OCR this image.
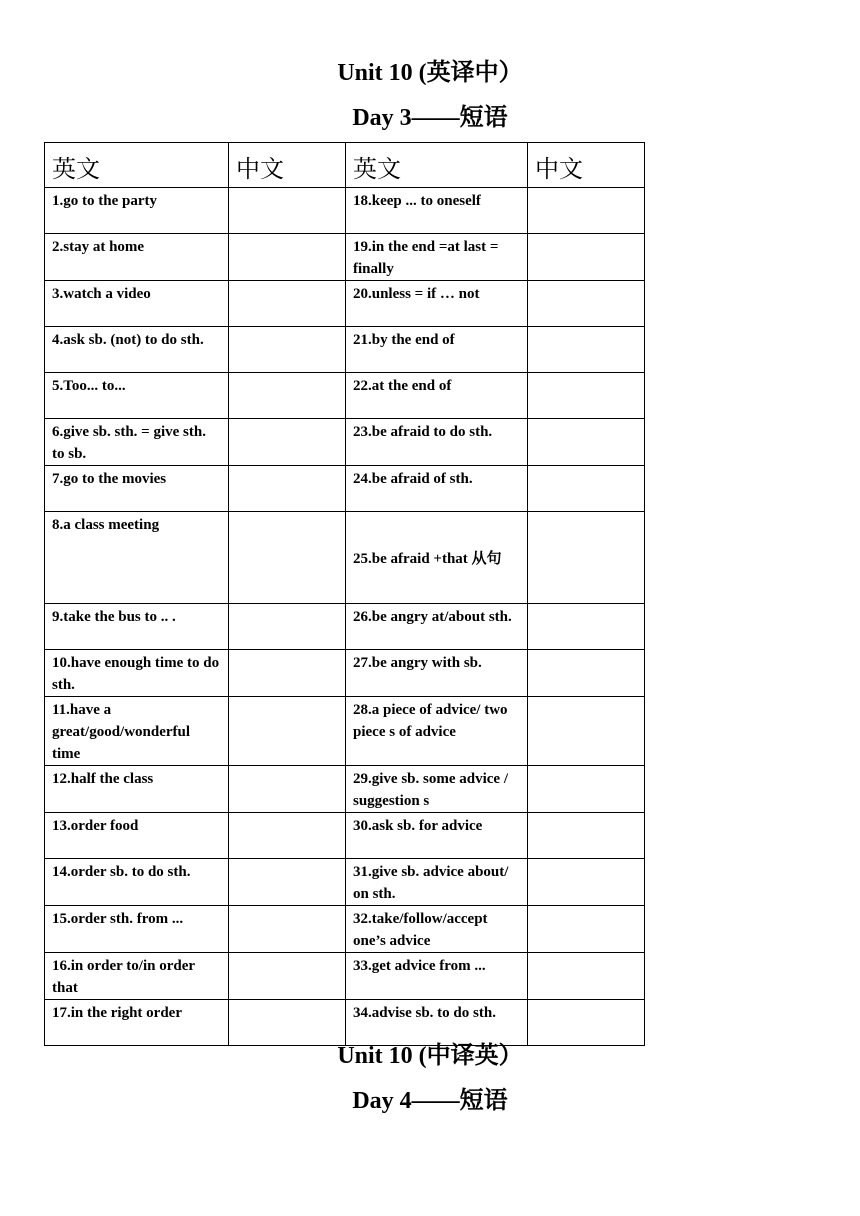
Unit 10 (英译中）
Day 3——短语
英文	中文	英文	中文
1.go to the party		18.keep ... to oneself	
2.stay at home		19.in the end =at last = finally	
3.watch a video		20.unless = if … not	
4.ask sb. (not) to do sth.		21.by the end of	
5.Too... to...		22.at the end of	
6.give sb. sth. = give sth. to sb.		23.be afraid to do sth.	
7.go to the movies		24.be afraid of sth.	
8.a class meeting		25.be afraid +that 从句	
9.take the bus to .. .		26.be angry at/about sth.	
10.have enough time to do sth.		27.be angry with sb.	
11.have a great/good/wonderful time		28.a piece of advice/ two piece s of advice	
12.half the class		29.give sb. some advice / suggestion s	
13.order food		30.ask sb. for advice	
14.order sb. to do sth.		31.give sb. advice about/ on sth.	
15.order sth. from ...		32.take/follow/accept one’s advice	
16.in order to/in order that		33.get advice from ...	
17.in the right order		34.advise sb. to do sth.	
Unit 10 (中译英）
Day 4——短语
